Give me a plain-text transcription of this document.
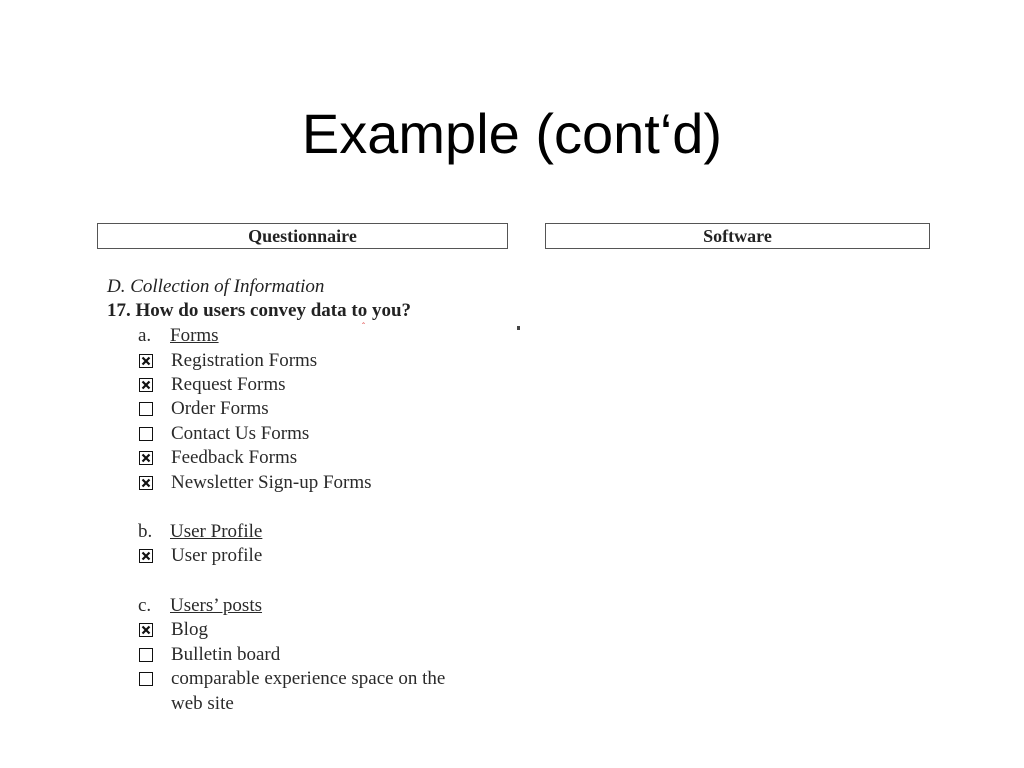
Example (cont‘d)
Questionnaire	Software
D. Collection of Information
17. How do users convey data to you?
ˆ
a. Forms
Registration Forms
Request Forms
Order Forms
Contact Us Forms
Feedback Forms
Newsletter Sign-up Forms
b. User Profile
User profile
c. Users’ posts
Blog
Bulletin board
comparable experience space on the
web site
